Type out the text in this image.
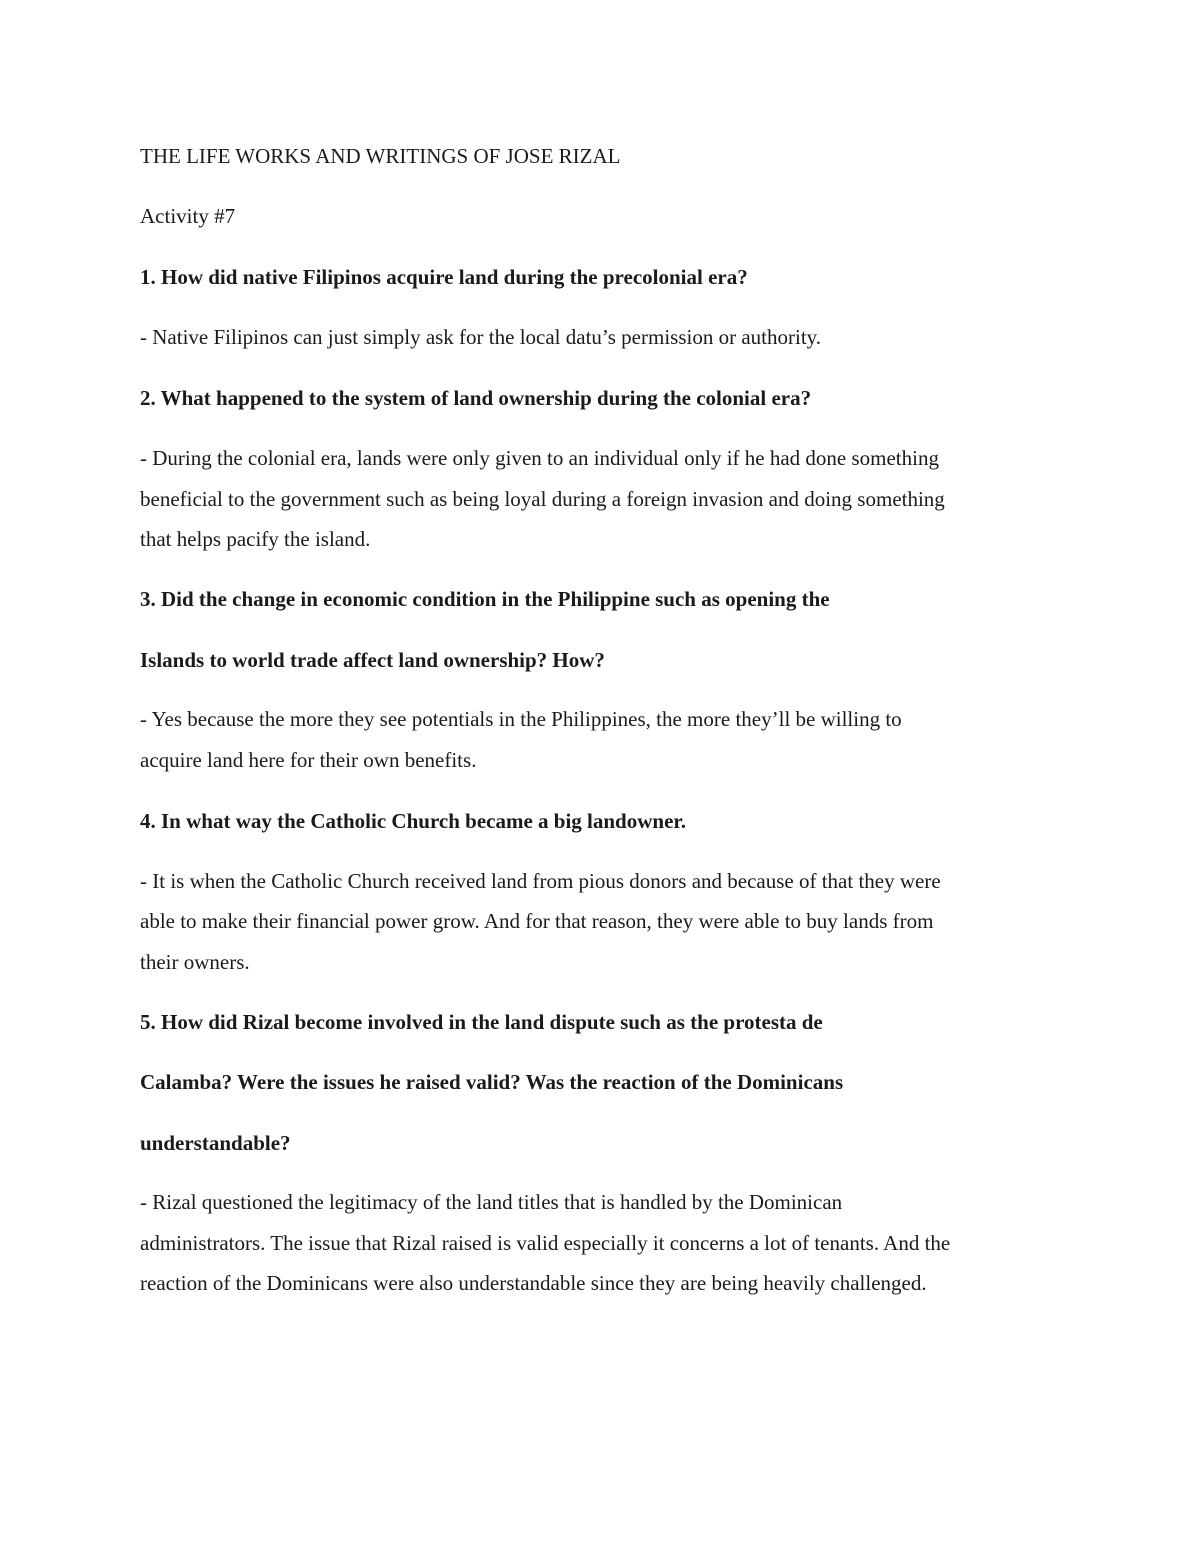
THE LIFE WORKS AND WRITINGS OF JOSE RIZAL

Activity #7

1. How did native Filipinos acquire land during the precolonial era?

- Native Filipinos can just simply ask for the local datu’s permission or authority.

2. What happened to the system of land ownership during the colonial era?

- During the colonial era, lands were only given to an individual only if he had done something

beneficial to the government such as being loyal during a foreign invasion and doing something

that helps pacify the island.

3. Did the change in economic condition in the Philippine such as opening the

Islands to world trade affect land ownership? How?

- Yes because the more they see potentials in the Philippines, the more they’ll be willing to

acquire land here for their own benefits.

4. In what way the Catholic Church became a big landowner.

- It is when the Catholic Church received land from pious donors and because of that they were

able to make their financial power grow. And for that reason, they were able to buy lands from

their owners.

5. How did Rizal become involved in the land dispute such as the protesta de

Calamba? Were the issues he raised valid? Was the reaction of the Dominicans

understandable?

- Rizal questioned the legitimacy of the land titles that is handled by the Dominican

administrators. The issue that Rizal raised is valid especially it concerns a lot of tenants. And the

reaction of the Dominicans were also understandable since they are being heavily challenged.
